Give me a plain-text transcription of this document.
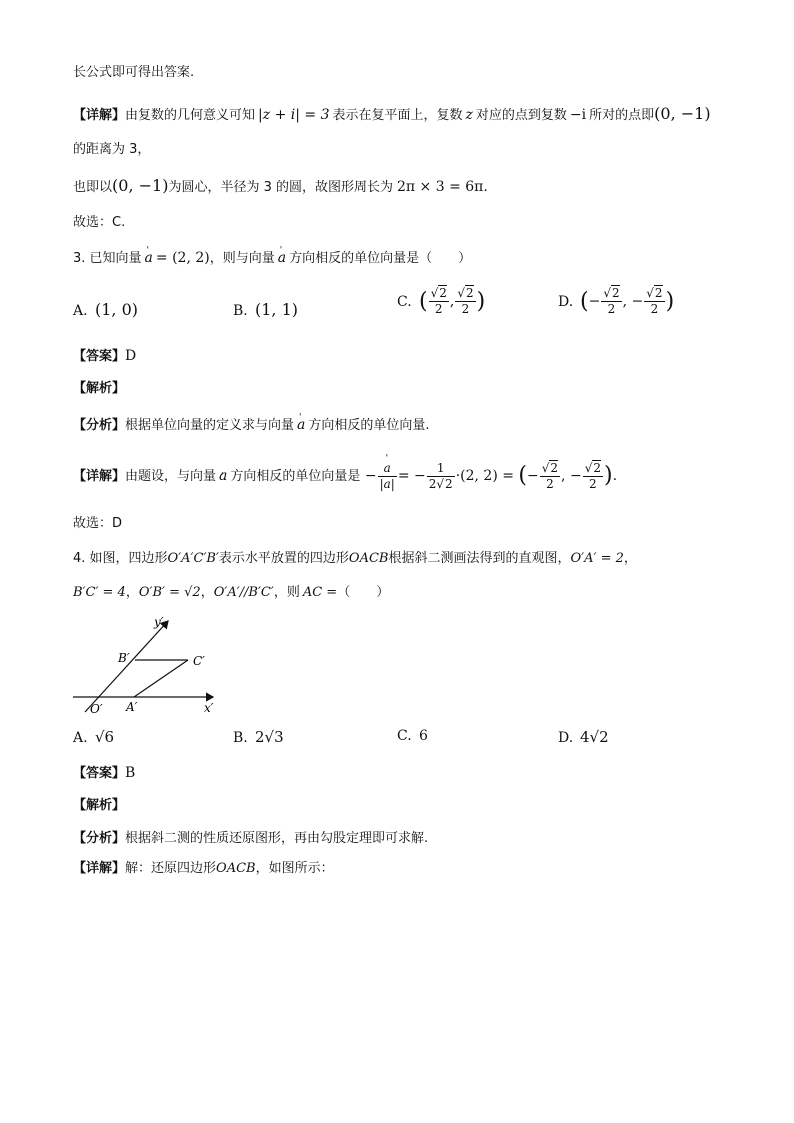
长公式即可得出答案.
【详解】由复数的几何意义可知 |z + i| = 3 表示在复平面上，复数 z 对应的点到复数 −i 所对的点即(0, −1)
的距离为 3，
也即以(0, −1)为圆心，半径为 3 的圆，故图形周长为 2π × 3 = 6π.
故选：C.
3. 已知向量 ' a = (2, 2)，则与向量 ' a 方向相反的单位向量是（　　）
A. (1, 0)	B. (1, 1)	C. ( $\frac{√2}{2}$ , $\frac{√2}{2}$ )	D. (− $\frac{√2}{2}$ , − $\frac{√2}{2}$ )
【答案】D
【解析】
【分析】根据单位向量的定义求与向量 ' a 方向相反的单位向量.
【详解】由题设，与向量 ' a 方向相反的单位向量是 − ' $\frac{a}{|a|}$ = − $\frac{1}{2√2} \cdot(2$, 2) = (− $\frac{√2}{2}$ , − $\frac{√2}{2}$ ).
故选：D
4. 如图，四边形O′A′C′B′表示水平放置的四边形OACB根据斜二测画法得到的直观图，O′A′ = 2，
B′C′ = 4，O′B′ = √2，O′A′//B′C′，则 AC =（　　）
y′
x′
O′ A′
B′	C′
A. √6	B. 2√3	C. 6	D. 4√2
【答案】B
【解析】
【分析】根据斜二测的性质还原图形，再由勾股定理即可求解.
【详解】解：还原四边形OACB，如图所示：
